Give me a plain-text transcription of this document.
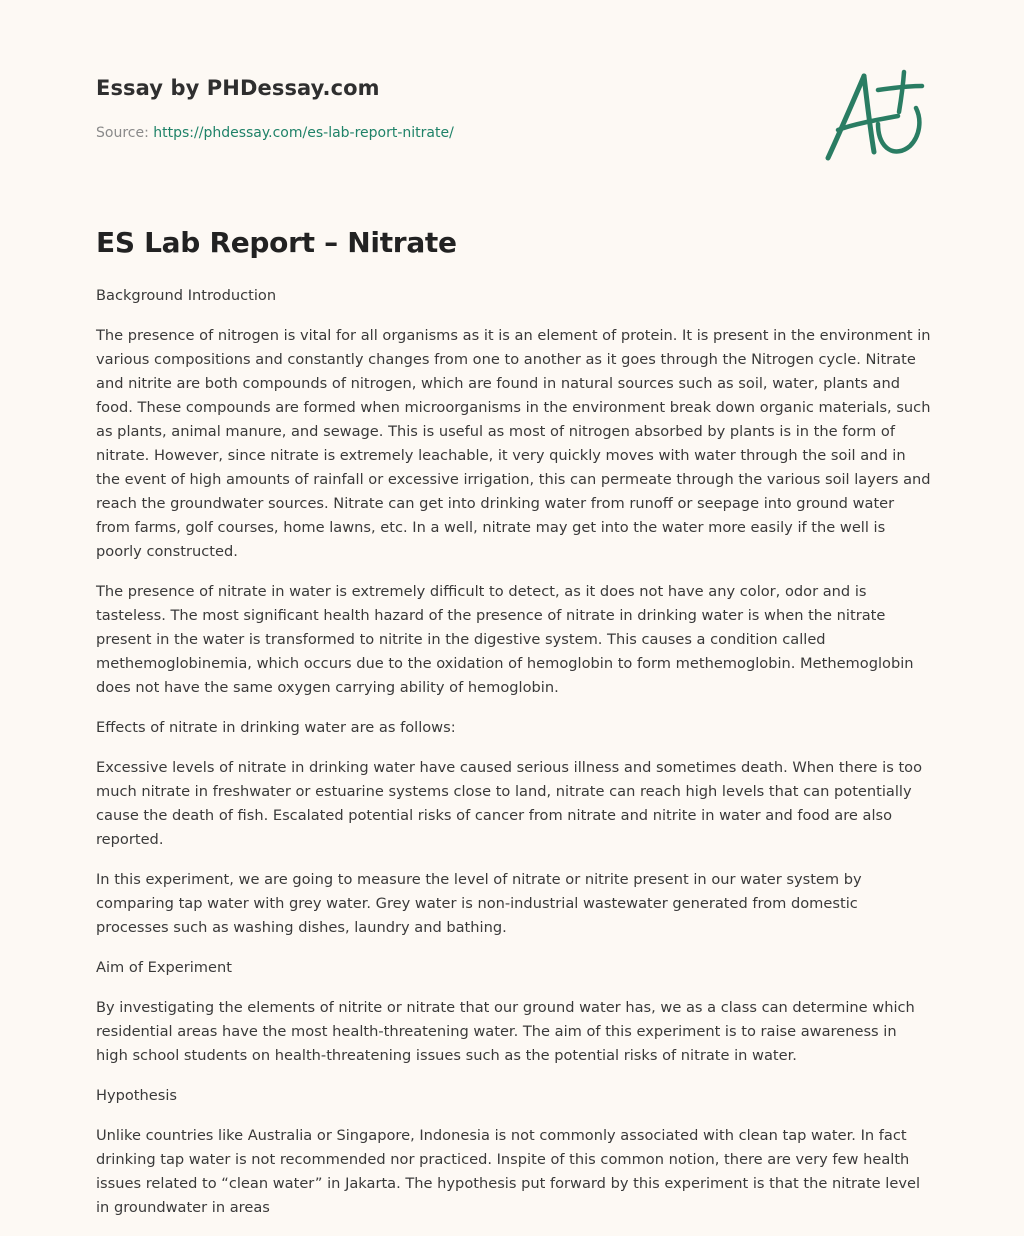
Essay by PHDessay.com
Source: https://phdessay.com/es-lab-report-nitrate/
ES Lab Report – Nitrate

Background Introduction

The presence of nitrogen is vital for all organisms as it is an element of protein. It is present in the environment in various compositions and constantly changes from one to another as it goes through the Nitrogen cycle. Nitrate and nitrite are both compounds of nitrogen, which are found in natural sources such as soil, water, plants and food. These compounds are formed when microorganisms in the environment break down organic materials, such as plants, animal manure, and sewage. This is useful as most of nitrogen absorbed by plants is in the form of nitrate. However, since nitrate is extremely leachable, it very quickly moves with water through the soil and in the event of high amounts of rainfall or excessive irrigation, this can permeate through the various soil layers and reach the groundwater sources. Nitrate can get into drinking water from runoff or seepage into ground water from farms, golf courses, home lawns, etc. In a well, nitrate may get into the water more easily if the well is poorly constructed.

The presence of nitrate in water is extremely difficult to detect, as it does not have any color, odor and is tasteless. The most significant health hazard of the presence of nitrate in drinking water is when the nitrate present in the water is transformed to nitrite in the digestive system. This causes a condition called methemoglobinemia, which occurs due to the oxidation of hemoglobin to form methemoglobin. Methemoglobin does not have the same oxygen carrying ability of hemoglobin.

Effects of nitrate in drinking water are as follows:

Excessive levels of nitrate in drinking water have caused serious illness and sometimes death. When there is too much nitrate in freshwater or estuarine systems close to land, nitrate can reach high levels that can potentially cause the death of fish. Escalated potential risks of cancer from nitrate and nitrite in water and food are also reported.

In this experiment, we are going to measure the level of nitrate or nitrite present in our water system by comparing tap water with grey water. Grey water is non-industrial wastewater generated from domestic processes such as washing dishes, laundry and bathing.

Aim of Experiment

By investigating the elements of nitrite or nitrate that our ground water has, we as a class can determine which residential areas have the most health-threatening water. The aim of this experiment is to raise awareness in high school students on health-threatening issues such as the potential risks of nitrate in water.

Hypothesis

Unlike countries like Australia or Singapore, Indonesia is not commonly associated with clean tap water. In fact drinking tap water is not recommended nor practiced. Inspite of this common notion, there are very few health issues related to “clean water” in Jakarta. The hypothesis put forward by this experiment is that the nitrate level in groundwater in areas
